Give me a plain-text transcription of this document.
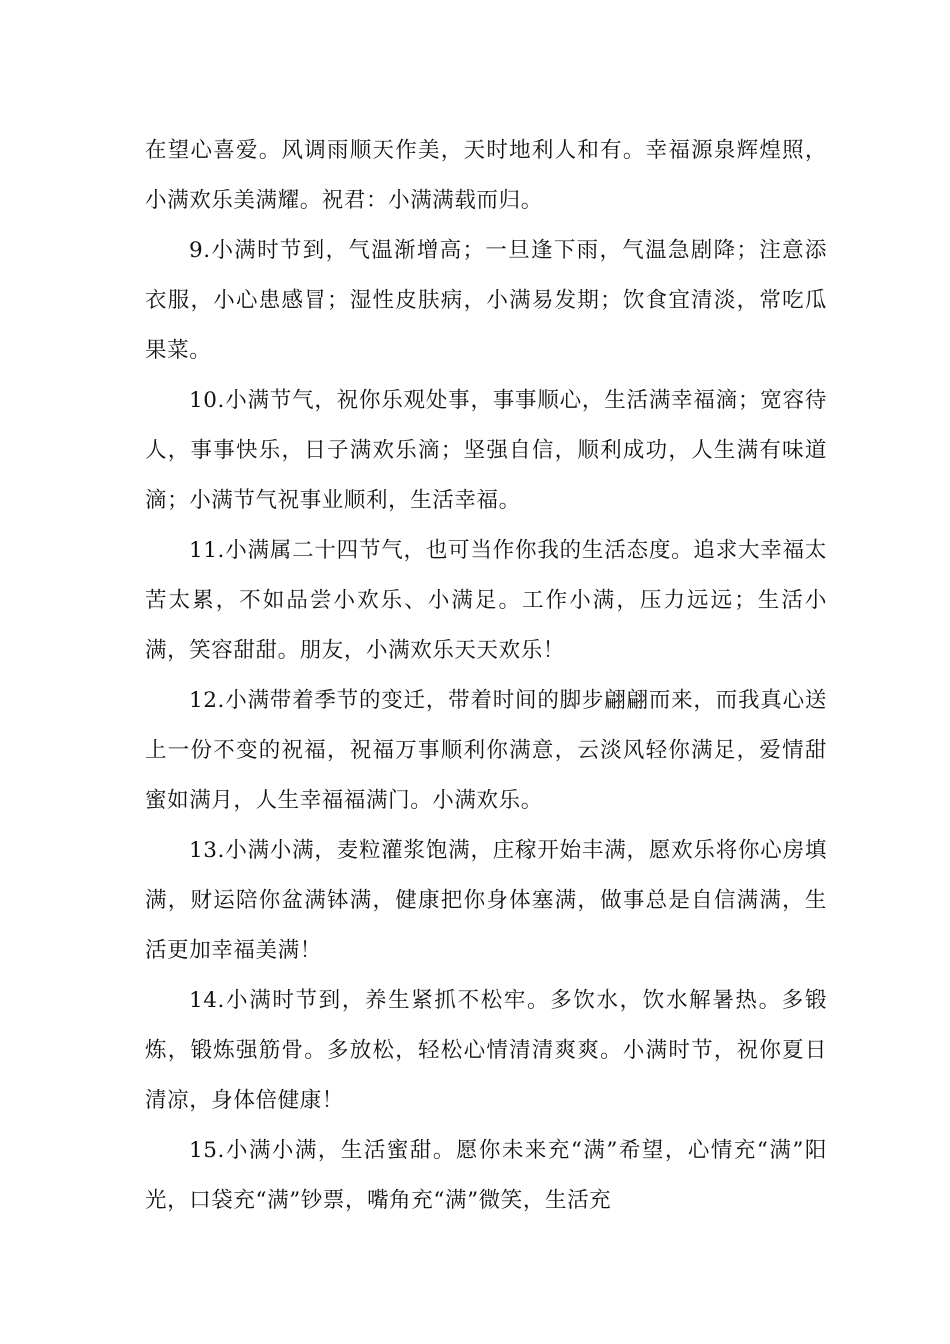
在望心喜爱。风调雨顺天作美，天时地利人和有。幸福源泉辉煌照，小满欢乐美满耀。祝君：小满满载而归。

9.小满时节到，气温渐增高；一旦逢下雨，气温急剧降；注意添衣服，小心患感冒；湿性皮肤病，小满易发期；饮食宜清淡，常吃瓜果菜。

10.小满节气，祝你乐观处事，事事顺心，生活满幸福滴；宽容待人，事事快乐，日子满欢乐滴；坚强自信，顺利成功，人生满有味道滴；小满节气祝事业顺利，生活幸福。

11.小满属二十四节气，也可当作你我的生活态度。追求大幸福太苦太累，不如品尝小欢乐、小满足。工作小满，压力远远；生活小满，笑容甜甜。朋友，小满欢乐天天欢乐！

12.小满带着季节的变迁，带着时间的脚步翩翩而来，而我真心送上一份不变的祝福，祝福万事顺利你满意，云淡风轻你满足，爱情甜蜜如满月，人生幸福福满门。小满欢乐。

13.小满小满，麦粒灌浆饱满，庄稼开始丰满，愿欢乐将你心房填满，财运陪你盆满钵满，健康把你身体塞满，做事总是自信满满，生活更加幸福美满！

14.小满时节到，养生紧抓不松牢。多饮水，饮水解暑热。多锻炼，锻炼强筋骨。多放松，轻松心情清清爽爽。小满时节，祝你夏日清凉，身体倍健康！

15.小满小满，生活蜜甜。愿你未来充“满”希望，心情充“满”阳光，口袋充“满”钞票，嘴角充“满”微笑，生活充
